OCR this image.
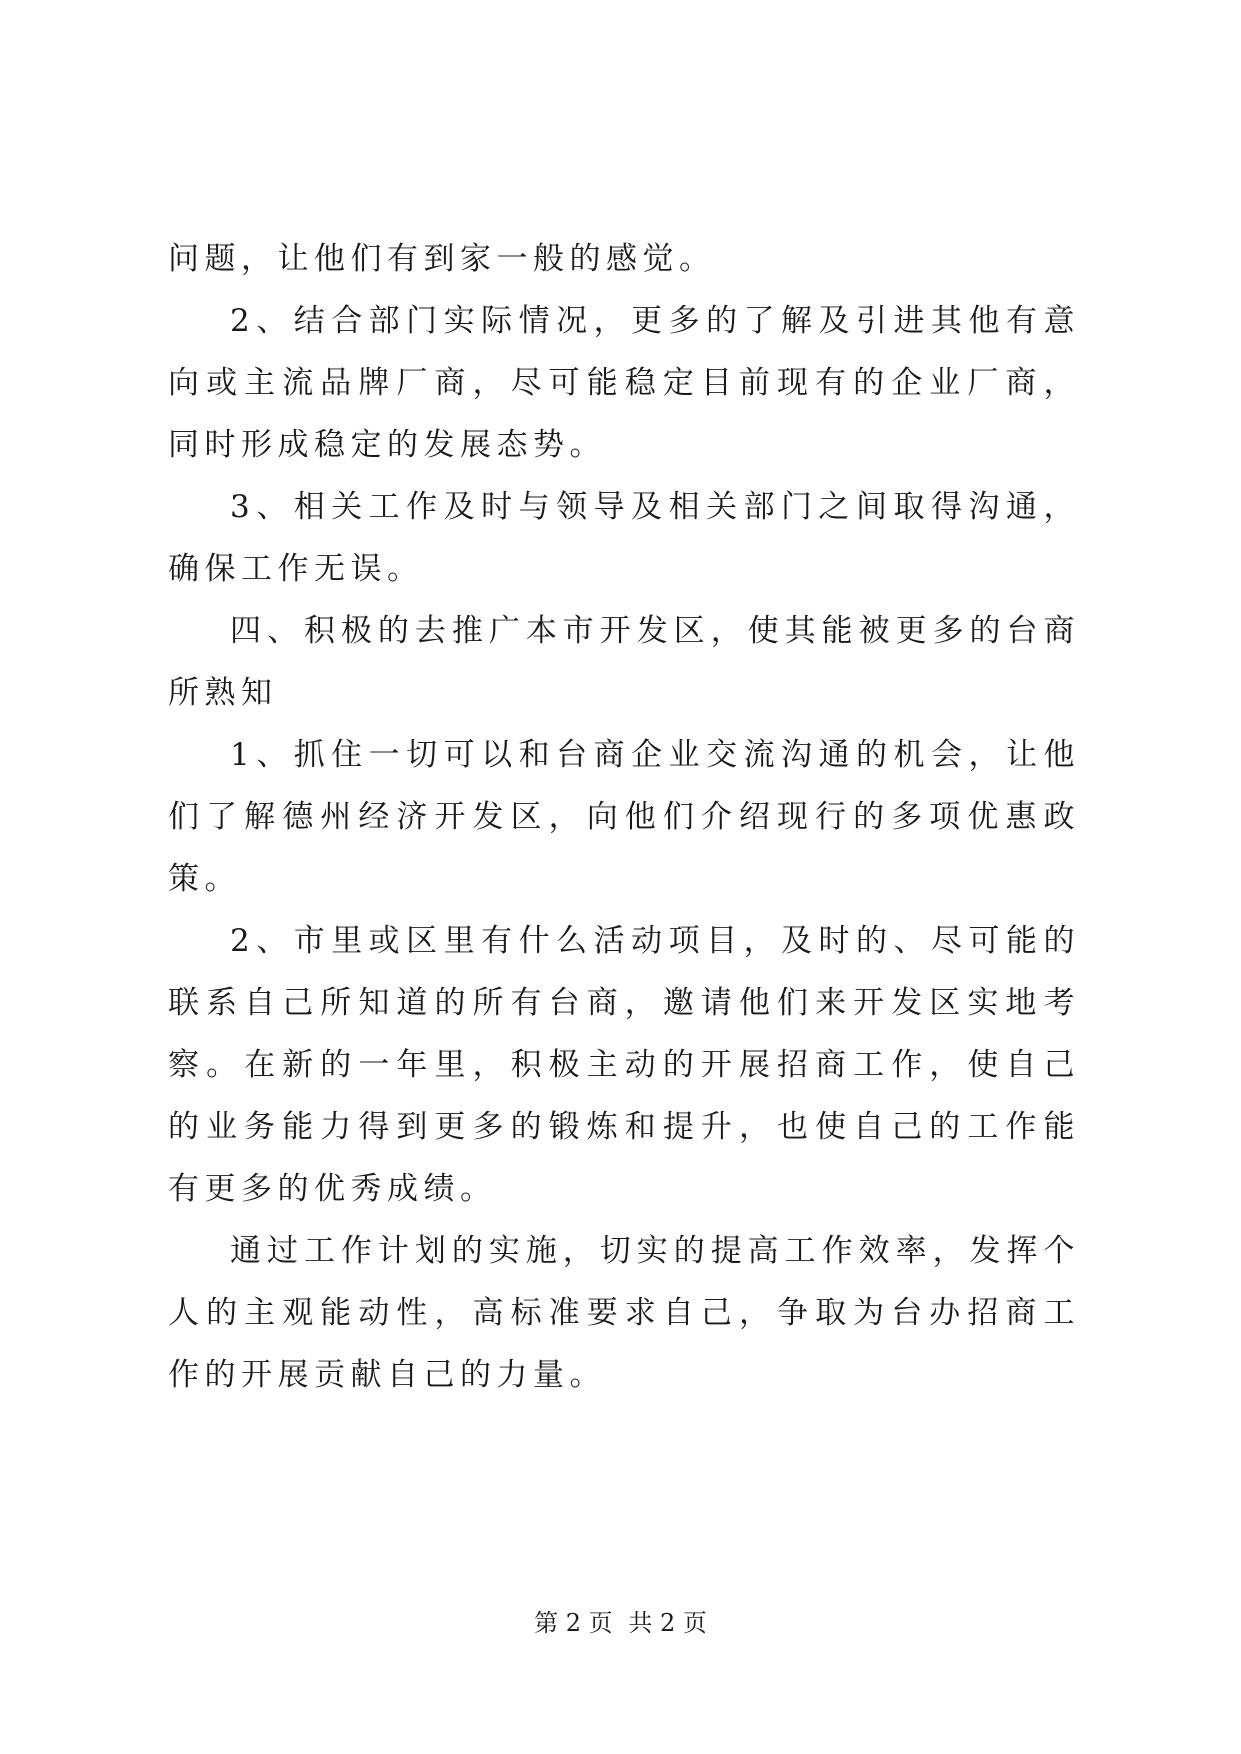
问题，让他们有到家一般的感觉。

2、结合部门实际情况，更多的了解及引进其他有意向或主流品牌厂商，尽可能稳定目前现有的企业厂商，同时形成稳定的发展态势。

3、相关工作及时与领导及相关部门之间取得沟通，确保工作无误。

四、积极的去推广本市开发区，使其能被更多的台商所熟知

1、抓住一切可以和台商企业交流沟通的机会，让他们了解德州经济开发区，向他们介绍现行的多项优惠政策。

2、市里或区里有什么活动项目，及时的、尽可能的联系自己所知道的所有台商，邀请他们来开发区实地考察。在新的一年里，积极主动的开展招商工作，使自己的业务能力得到更多的锻炼和提升，也使自己的工作能有更多的优秀成绩。

通过工作计划的实施，切实的提高工作效率，发挥个人的主观能动性，高标准要求自己，争取为台办招商工作的开展贡献自己的力量。

第 2 页 共 2 页
